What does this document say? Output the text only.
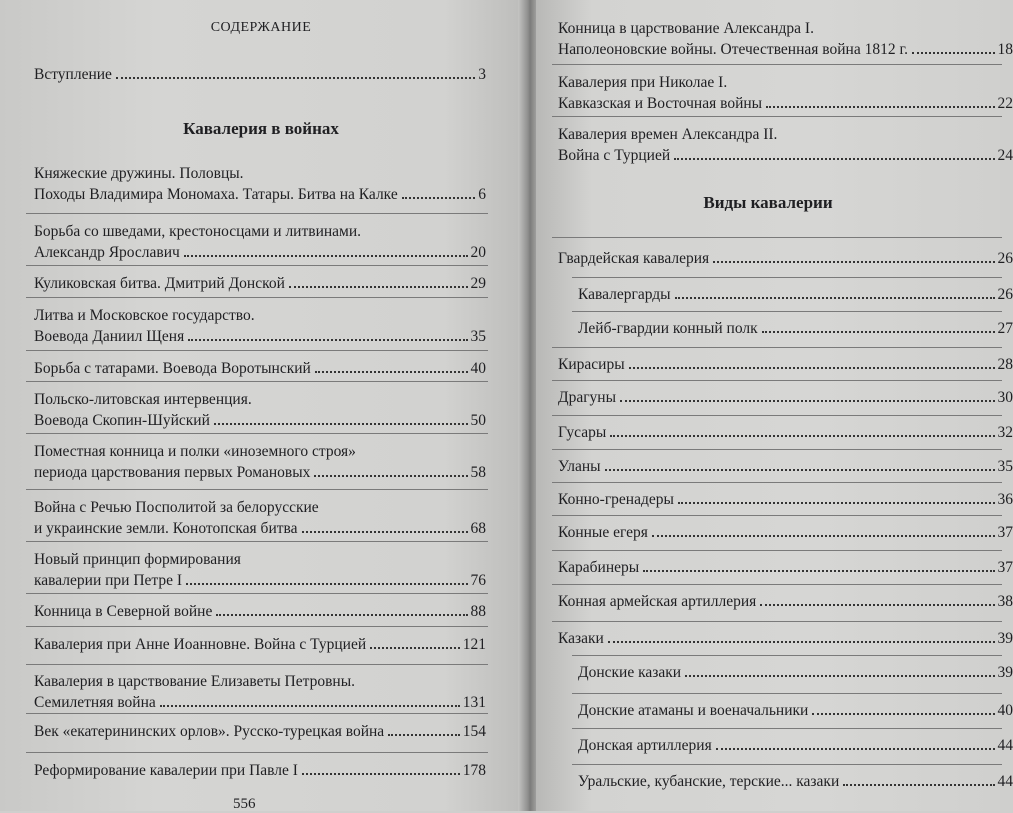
СОДЕРЖАНИЕ
Вступление	3
Кавалерия в войнах
Княжеские дружины. Половцы.
Походы Владимира Мономаха. Татары. Битва на Калке	6
Борьба со шведами, крестоносцами и литвинами.
Александр Ярославич	20
Куликовская битва. Дмитрий Донской	29
Литва и Московское государство.
Воевода Даниил Щеня	35
Борьба с татарами. Воевода Воротынский	40
Польско-литовская интервенция.
Воевода Скопин-Шуйский	50
Поместная конница и полки «иноземного строя»
периода царствования первых Романовых	58
Война с Речью Посполитой за белорусские
и украинские земли. Конотопская битва	68
Новый принцип формирования
кавалерии при Петре I	76
Конница в Северной войне	88
Кавалерия при Анне Иоанновне. Война с Турцией	121
Кавалерия в царствование Елизаветы Петровны.
Семилетняя война	131
Век «екатерининских орлов». Русско-турецкая война	154
Реформирование кавалерии при Павле I	178
556
Конница в царствование Александра I.
Наполеоновские войны. Отечественная война 1812 г.	18
Кавалерия при Николае I.
Кавказская и Восточная войны	22
Кавалерия времен Александра II.
Война с Турцией	24
Виды кавалерии
Гвардейская кавалерия	26
Кавалергарды	26
Лейб-гвардии конный полк	27
Кирасиры	28
Драгуны	30
Гусары	32
Уланы	35
Конно-гренадеры	36
Конные егеря	37
Карабинеры	37
Конная армейская артиллерия	38
Казаки	39
Донские казаки	39
Донские атаманы и военачальники	40
Донская артиллерия	44
Уральские, кубанские, терские... казаки	44
